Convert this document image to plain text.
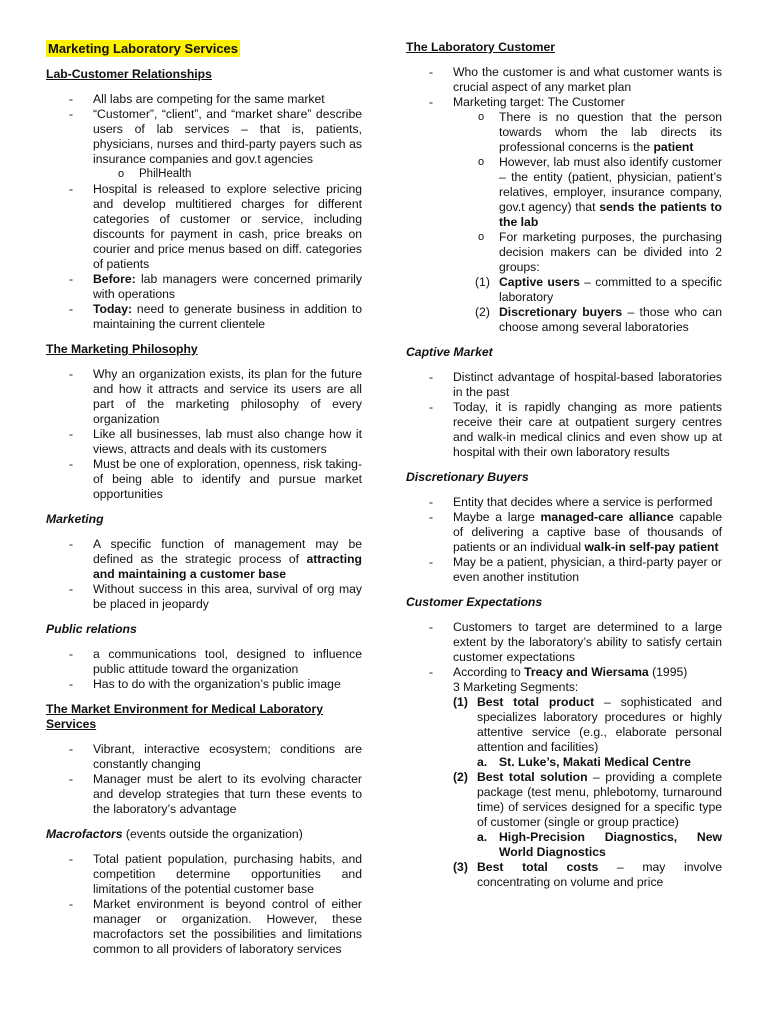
Marketing Laboratory Services
Lab-Customer Relationships
- All labs are competing for the same market
- “Customer”, “client”, and “market share” describe users of lab services – that is, patients, physicians, nurses and third-party payers such as insurance companies and gov.t agencies
o PhilHealth
- Hospital is released to explore selective pricing and develop multitiered charges for different categories of customer or service, including discounts for payment in cash, price breaks on courier and price menus based on diff. categories of patients
- Before: lab managers were concerned primarily with operations
- Today: need to generate business in addition to maintaining the current clientele
The Marketing Philosophy
- Why an organization exists, its plan for the future and how it attracts and service its users are all part of the marketing philosophy of every organization
- Like all businesses, lab must also change how it views, attracts and deals with its customers
- Must be one of exploration, openness, risk taking-of being able to identify and pursue market opportunities
Marketing
- A specific function of management may be defined as the strategic process of attracting and maintaining a customer base
- Without success in this area, survival of org may be placed in jeopardy
Public relations
- a communications tool, designed to influence public attitude toward the organization
- Has to do with the organization’s public image
The Market Environment for Medical Laboratory Services
- Vibrant, interactive ecosystem; conditions are constantly changing
- Manager must be alert to its evolving character and develop strategies that turn these events to the laboratory’s advantage
Macrofactors (events outside the organization)
- Total patient population, purchasing habits, and competition determine opportunities and limitations of the potential customer base
- Market environment is beyond control of either manager or organization. However, these macrofactors set the possibilities and limitations common to all providers of laboratory services
The Laboratory Customer
- Who the customer is and what customer wants is crucial aspect of any market plan
- Marketing target: The Customer
o There is no question that the person towards whom the lab directs its professional concerns is the patient
o However, lab must also identify customer – the entity (patient, physician, patient’s relatives, employer, insurance company, gov.t agency) that sends the patients to the lab
o For marketing purposes, the purchasing decision makers can be divided into 2 groups:
(1) Captive users – committed to a specific laboratory
(2) Discretionary buyers – those who can choose among several laboratories
Captive Market
- Distinct advantage of hospital-based laboratories in the past
- Today, it is rapidly changing as more patients receive their care at outpatient surgery centres and walk-in medical clinics and even show up at hospital with their own laboratory results
Discretionary Buyers
- Entity that decides where a service is performed
- Maybe a large managed-care alliance capable of delivering a captive base of thousands of patients or an individual walk-in self-pay patient
- May be a patient, physician, a third-party payer or even another institution
Customer Expectations
- Customers to target are determined to a large extent by the laboratory’s ability to satisfy certain customer expectations
- According to Treacy and Wiersama (1995)
3 Marketing Segments:
(1) Best total product – sophisticated and specializes laboratory procedures or highly attentive service (e.g., elaborate personal attention and facilities)
a. St. Luke’s, Makati Medical Centre
(2) Best total solution – providing a complete package (test menu, phlebotomy, turnaround time) of services designed for a specific type of customer (single or group practice)
a. High-Precision Diagnostics, New World Diagnostics
(3) Best total costs – may involve concentrating on volume and price
